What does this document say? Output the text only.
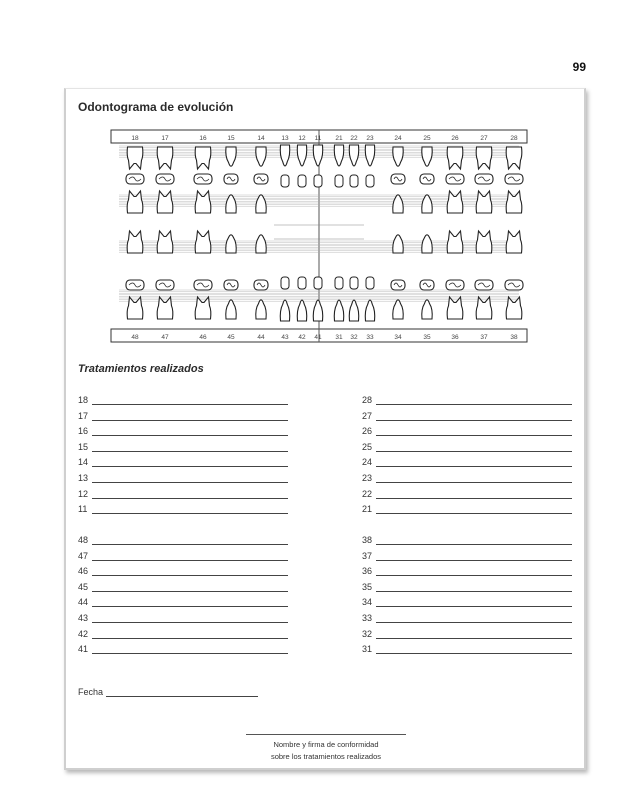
99
Odontograma de evolución
18	17	16	15	14	13 12 11 21 22 23	24	25	26	27	28
48	47	46	45	44	43 42 41 31 32 33	34	35	36	37	38
Tratamientos realizados
18
17
16
15
14
13
12
11
28
27
26
25
24
23
22
21
48
47
46
45
44
43
42
41
38
37
36
35
34
33
32
31
Fecha
Nombre y firma de conformidad
sobre los tratamientos realizados
